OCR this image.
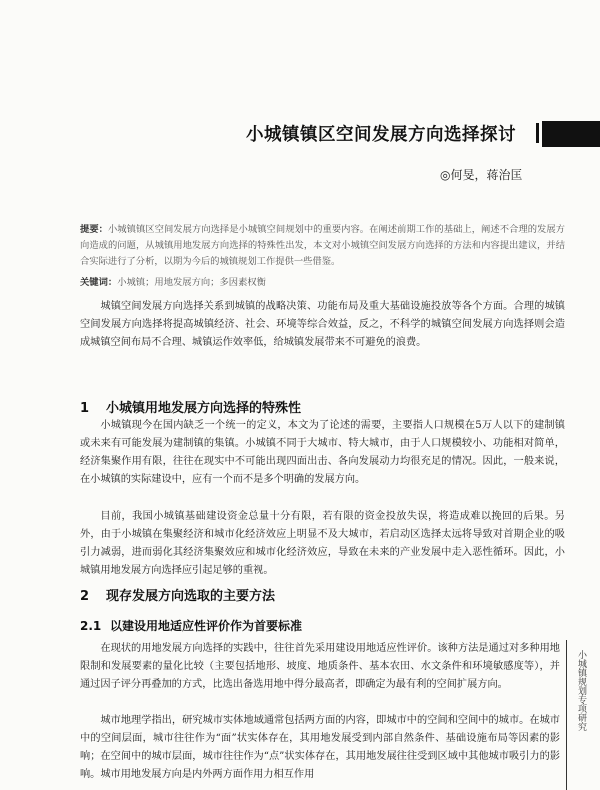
小城镇镇区空间发展方向选择探讨
◎何旻，蒋治匡
提要：小城镇镇区空间发展方向选择是小城镇空间规划中的重要内容。在阐述前期工作的基础上，阐述不合理的发展方向造成的问题，从城镇用地发展方向选择的特殊性出发，本文对小城镇空间发展方向选择的方法和内容提出建议，并结合实际进行了分析，以期为今后的城镇规划工作提供一些借鉴。
关键词：小城镇；用地发展方向；多因素权衡
城镇空间发展方向选择关系到城镇的战略决策、功能布局及重大基础设施投放等各个方面。合理的城镇空间发展方向选择将提高城镇经济、社会、环境等综合效益，反之，不科学的城镇空间发展方向选择则会造成城镇空间布局不合理、城镇运作效率低，给城镇发展带来不可避免的浪费。
1 小城镇用地发展方向选择的特殊性
小城镇现今在国内缺乏一个统一的定义，本文为了论述的需要，主要指人口规模在5万人以下的建制镇或未来有可能发展为建制镇的集镇。小城镇不同于大城市、特大城市，由于人口规模较小、功能相对简单，经济集聚作用有限，往往在现实中不可能出现四面出击、各向发展动力均很充足的情况。因此，一般来说，在小城镇的实际建设中，应有一个而不是多个明确的发展方向。
目前，我国小城镇基础建设资金总量十分有限，若有限的资金投放失误，将造成难以挽回的后果。另外，由于小城镇在集聚经济和城市化经济效应上明显不及大城市，若启动区选择太远将导致对首期企业的吸引力减弱，进而弱化其经济集聚效应和城市化经济效应，导致在未来的产业发展中走入恶性循环。因此，小城镇用地发展方向选择应引起足够的重视。
2 现存发展方向选取的主要方法
2.1 以建设用地适应性评价作为首要标准
在现状的用地发展方向选择的实践中，往往首先采用建设用地适应性评价。该种方法是通过对多种用地限制和发展要素的量化比较（主要包括地形、坡度、地质条件、基本农田、水文条件和环境敏感度等），并通过因子评分再叠加的方式，比选出备选用地中得分最高者，即确定为最有利的空间扩展方向。
城市地理学指出，研究城市实体地域通常包括两方面的内容，即城市中的空间和空间中的城市。在城市中的空间层面，城市往往作为“面”状实体存在，其用地发展受到内部自然条件、基础设施布局等因素的影响；在空间中的城市层面，城市往往作为“点”状实体存在，其用地发展往往受到区域中其他城市吸引力的影响。城市用地发展方向是内外两方面作用力相互作用
小城镇规划专项研究
